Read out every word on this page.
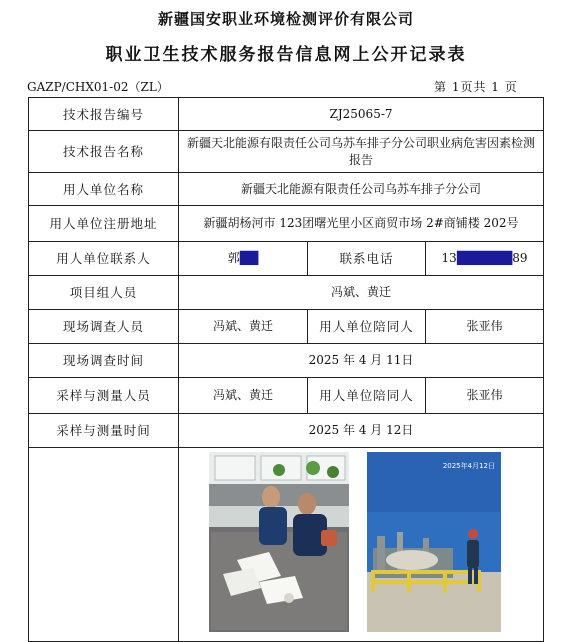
新疆国安职业环境检测评价有限公司
职业卫生技术服务报告信息网上公开记录表
GAZP/CHX01-02（ZL）	第 1页共 1 页
技术报告编号	ZJ25065-7		
技术报告名称	新疆天北能源有限责任公司乌苏车排子分公司职业病危害因素检测报告		
用人单位名称	新疆天北能源有限责任公司乌苏车排子分公司		
用人单位注册地址	新疆胡杨河市 123团曙光里小区商贸市场 2#商铺楼 202号		
用人单位联系人	郭██	联系电话	13██████89
项目组人员	冯斌、黄迁		
现场调查人员	冯斌、黄迁	用人单位陪同人	张亚伟
现场调查时间	2025 年 4 月 11日		
采样与测量人员	冯斌、黄迁	用人单位陪同人	张亚伟
采样与测量时间	2025 年 4 月 12日		

	2025年4月12日		
